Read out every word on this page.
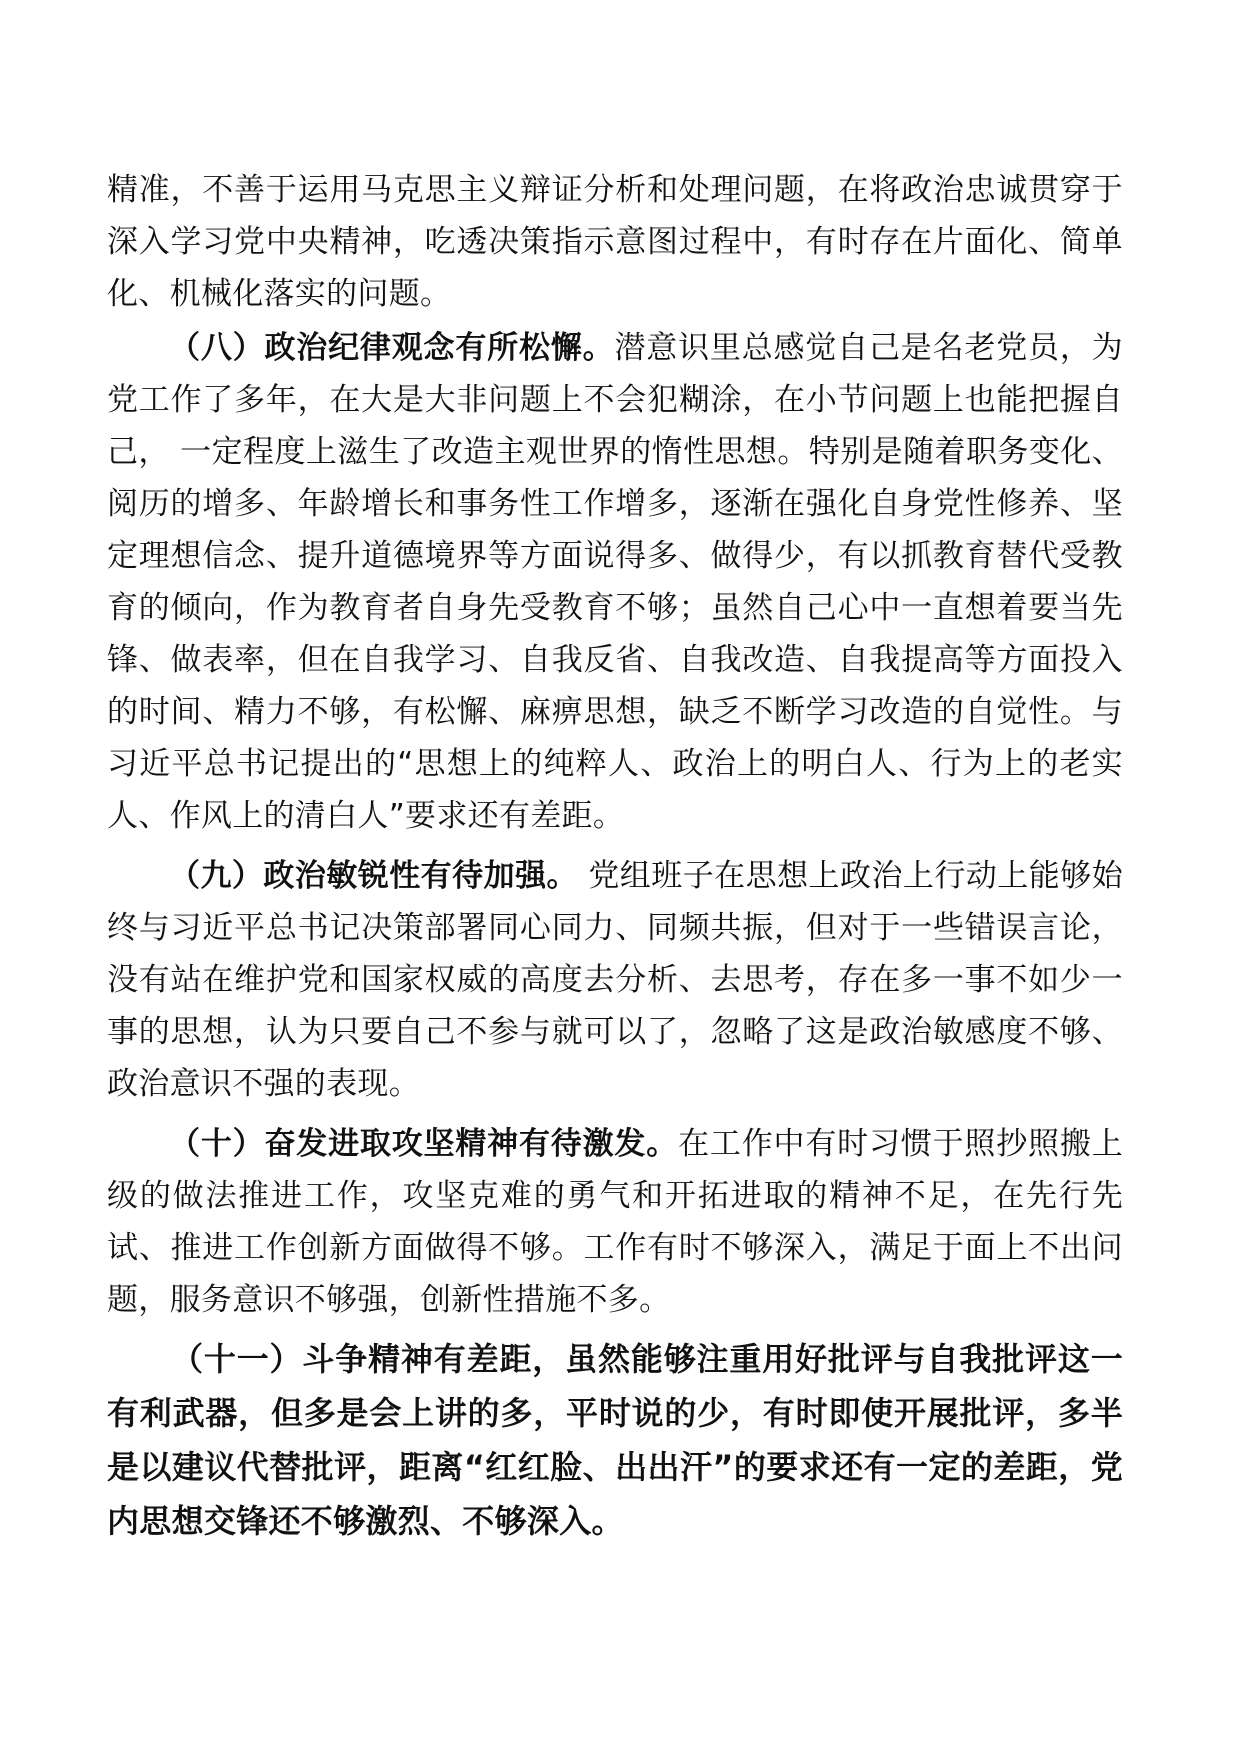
精准，不善于运用马克思主义辩证分析和处理问题，在将政治忠诚贯穿于深入学习党中央精神，吃透决策指示意图过程中，有时存在片面化、简单化、机械化落实的问题。

（八）政治纪律观念有所松懈。潜意识里总感觉自己是名老党员，为党工作了多年，在大是大非问题上不会犯糊涂，在小节问题上也能把握自己， 一定程度上滋生了改造主观世界的惰性思想。特别是随着职务变化、阅历的增多、年龄增长和事务性工作增多，逐渐在强化自身党性修养、坚定理想信念、提升道德境界等方面说得多、做得少，有以抓教育替代受教育的倾向，作为教育者自身先受教育不够；虽然自己心中一直想着要当先锋、做表率，但在自我学习、自我反省、自我改造、自我提高等方面投入的时间、精力不够，有松懈、麻痹思想，缺乏不断学习改造的自觉性。与习近平总书记提出的“思想上的纯粹人、政治上的明白人、行为上的老实人、作风上的清白人”要求还有差距。

（九）政治敏锐性有待加强。 党组班子在思想上政治上行动上能够始终与习近平总书记决策部署同心同力、同频共振，但对于一些错误言论，没有站在维护党和国家权威的高度去分析、去思考，存在多一事不如少一事的思想，认为只要自己不参与就可以了，忽略了这是政治敏感度不够、政治意识不强的表现。

（十）奋发进取攻坚精神有待激发。在工作中有时习惯于照抄照搬上级的做法推进工作，攻坚克难的勇气和开拓进取的精神不足，在先行先试、推进工作创新方面做得不够。工作有时不够深入，满足于面上不出问题，服务意识不够强，创新性措施不多。

（十一）斗争精神有差距，虽然能够注重用好批评与自我批评这一有利武器，但多是会上讲的多，平时说的少，有时即使开展批评，多半是以建议代替批评，距离“红红脸、出出汗”的要求还有一定的差距，党内思想交锋还不够激烈、不够深入。
